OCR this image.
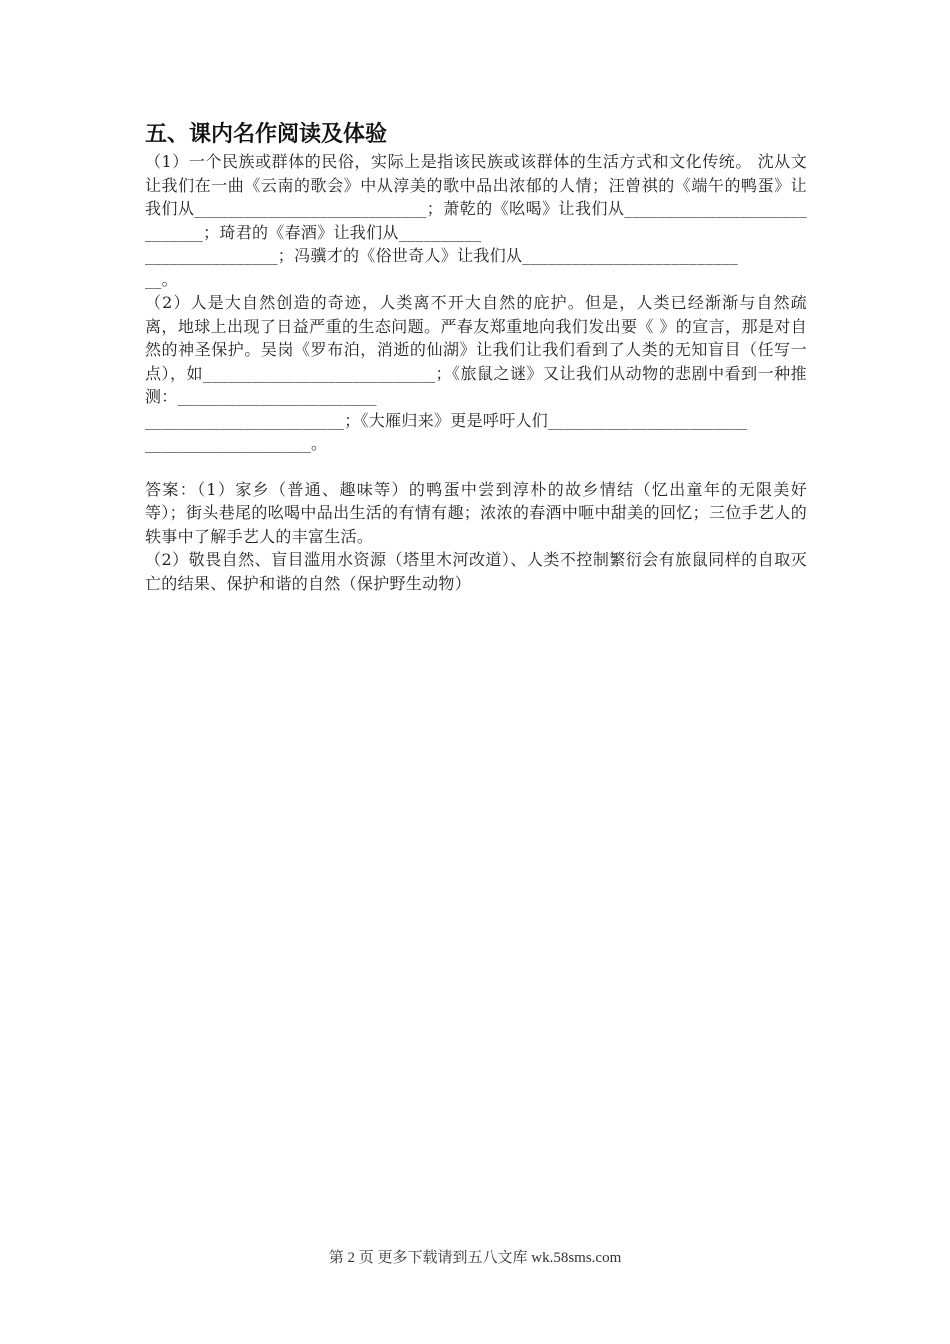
五、课内名作阅读及体验

（1）一个民族或群体的民俗，实际上是指该民族或该群体的生活方式和文化传统。 沈从文让我们在一曲《云南的歌会》中从淳美的歌中品出浓郁的人情；汪曾祺的《端午的鸭蛋》让我们从____________________________；萧乾的《吆喝》让我们从_____________________________；琦君的《春酒》让我们从__________

________________；冯骥才的《俗世奇人》让我们从__________________________

__。

（2）人是大自然创造的奇迹，人类离不开大自然的庇护。但是，人类已经渐渐与自然疏离，地球上出现了日益严重的生态问题。严春友郑重地向我们发出要《 》的宣言，那是对自然的神圣保护。吴岗《罗布泊，消逝的仙湖》让我们让我们看到了人类的无知盲目（任写一点），如____________________________；《旅鼠之谜》又让我们从动物的悲剧中看到一种推测：________________________

________________________；《大雁归来》更是呼吁人们________________________

____________________。

答案：（1）家乡（普通、趣味等）的鸭蛋中尝到淳朴的故乡情结（忆出童年的无限美好等）；街头巷尾的吆喝中品出生活的有情有趣；浓浓的春酒中咂中甜美的回忆；三位手艺人的轶事中了解手艺人的丰富生活。

（2）敬畏自然、盲目滥用水资源（塔里木河改道）、人类不控制繁衍会有旅鼠同样的自取灭亡的结果、保护和谐的自然（保护野生动物）

第 2 页 更多下载请到五八文库 wk.58sms.com
